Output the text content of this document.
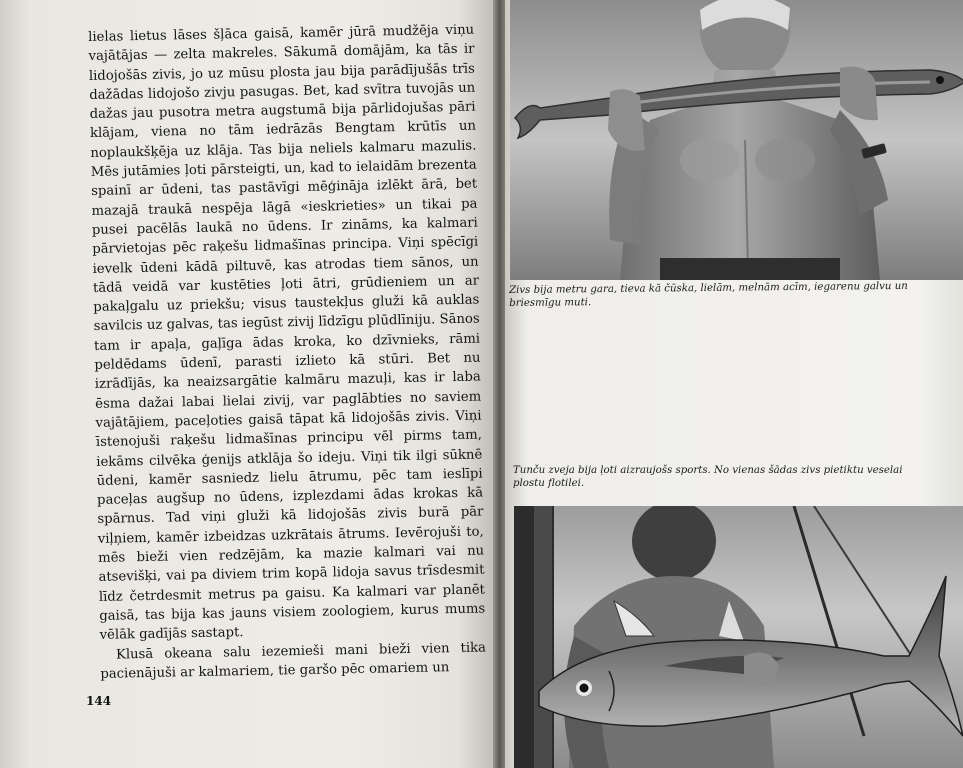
lielas lietus lāses šļāca gaisā, kamēr jūrā mudžēja viņu vajātājas — zelta makreles. Sākumā domājām, ka tās ir lidojošās zivis, jo uz mūsu plosta jau bija parādījušās trīs dažādas lidojošo zivju pasugas. Bet, kad svītra tuvojās un dažas jau pusotra metra augstumā bija pārlidojušas pāri klājam, viena no tām iedrāzās Bengtam krūtīs un noplaukšķēja uz klāja. Tas bija neliels kalmaru mazulis. Mēs jutāmies ļoti pārsteigti, un, kad to ielaidām brezenta spainī ar ūdeni, tas pastāvīgi mēģināja izlēkt ārā, bet mazajā traukā nespēja lāgā «ieskrieties» un tikai pa pusei pacēlās laukā no ūdens. Ir zināms, ka kalmari pārvietojas pēc raķešu lidmašīnas principa. Viņi spēcīgi ievelk ūdeni kādā piltuvē, kas atrodas tiem sānos, un tādā veidā var kustēties ļoti ātri, grūdieniem un ar pakaļgalu uz priekšu; visus taustekļus gluži kā auklas savilcis uz galvas, tas iegūst zivij līdzīgu plūdlīniju. Sānos tam ir apaļa, gaļīga ādas kroka, ko dzīvnieks, rāmi peldēdams ūdenī, parasti izlieto kā stūri. Bet nu izrādījās, ka neaizsargātie kalmāru mazuļi, kas ir laba ēsma dažai labai lielai zivij, var paglābties no saviem vajātājiem, paceļoties gaisā tāpat kā lidojošās zivis. Viņi īstenojuši raķešu lidmašīnas principu vēl pirms tam, iekāms cilvēka ģenijs atklāja šo ideju. Viņi tik ilgi sūknē ūdeni, kamēr sasniedz lielu ātrumu, pēc tam ieslīpi paceļas augšup no ūdens, izplezdami ādas krokas kā spārnus. Tad viņi gluži kā lidojošās zivis burā pār viļņiem, kamēr izbeidzas uzkrātais ātrums. Ievērojuši to, mēs bieži vien redzējām, ka mazie kalmari vai nu atsevišķi, vai pa diviem trim kopā lidoja savus trīsdesmit līdz četrdesmit metrus pa gaisu. Ka kalmari var planēt gaisā, tas bija kas jauns visiem zoologiem, kurus mums vēlāk gadījās sastapt.

Klusā okeana salu iezemieši mani bieži vien tika pacienājuši ar kalmariem, tie garšo pēc omariem un

144
Zivs bija metru gara, tieva kā čūska, lielām, melnām acīm, iegarenu galvu un briesmīgu muti.
Tunču zveja bija ļoti aizraujošs sports. No vienas šādas zivs pietiktu veselai plostu flotilei.
